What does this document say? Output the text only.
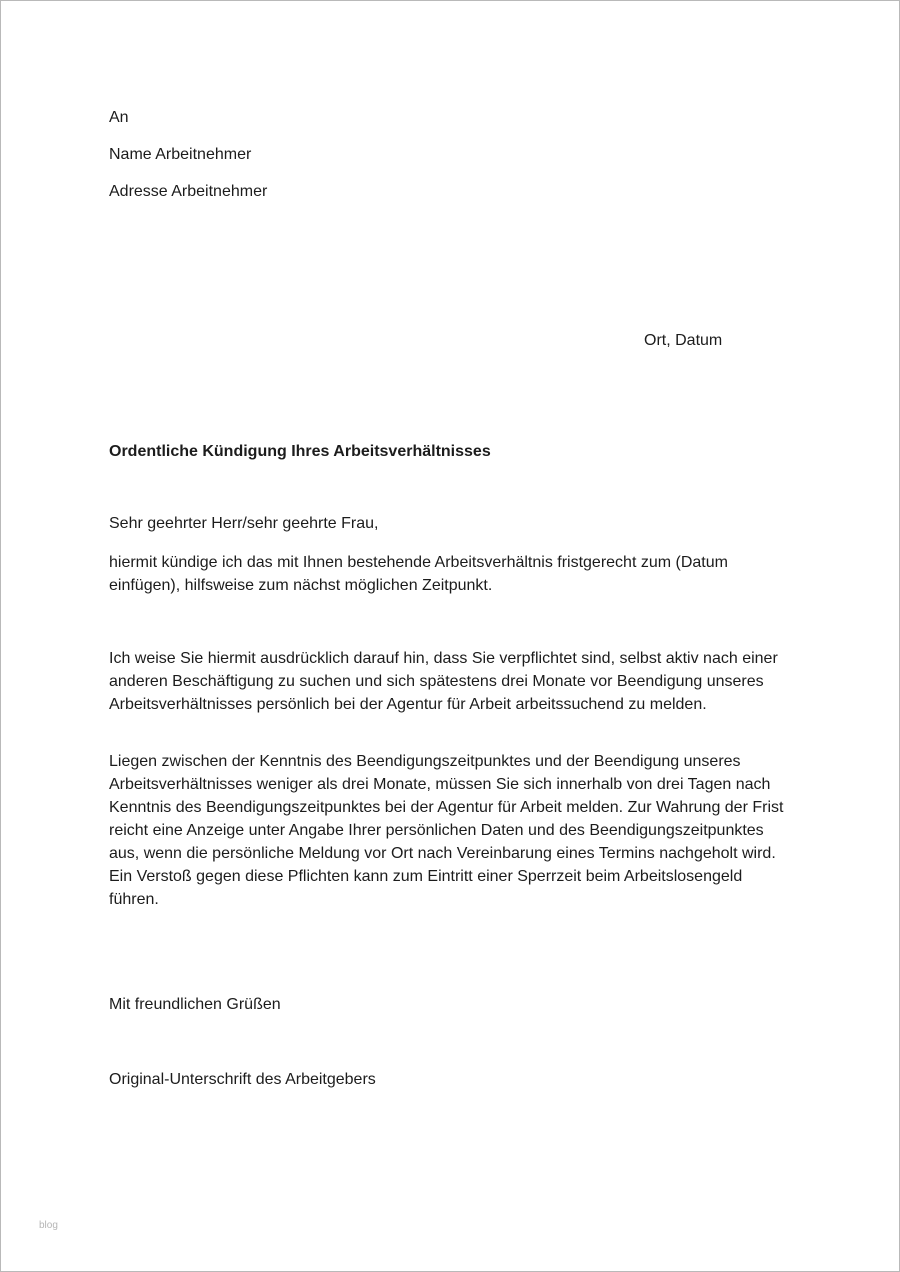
An
Name Arbeitnehmer
Adresse Arbeitnehmer
Ort, Datum
Ordentliche Kündigung Ihres Arbeitsverhältnisses
Sehr geehrter Herr/sehr geehrte Frau,
hiermit kündige ich das mit Ihnen bestehende Arbeitsverhältnis fristgerecht zum (Datum einfügen), hilfsweise zum nächst möglichen Zeitpunkt.
Ich weise Sie hiermit ausdrücklich darauf hin, dass Sie verpflichtet sind, selbst aktiv nach einer anderen Beschäftigung zu suchen und sich spätestens drei Monate vor Beendigung unseres Arbeitsverhältnisses persönlich bei der Agentur für Arbeit arbeitssuchend zu melden.
Liegen zwischen der Kenntnis des Beendigungszeitpunktes und der Beendigung unseres Arbeitsverhältnisses weniger als drei Monate, müssen Sie sich innerhalb von drei Tagen nach Kenntnis des Beendigungszeitpunktes bei der Agentur für Arbeit melden. Zur Wahrung der Frist reicht eine Anzeige unter Angabe Ihrer persönlichen Daten und des Beendigungszeitpunktes aus, wenn die persönliche Meldung vor Ort nach Vereinbarung eines Termins nachgeholt wird. Ein Verstoß gegen diese Pflichten kann zum Eintritt einer Sperrzeit beim Arbeitslosengeld führen.
Mit freundlichen Grüßen
Original-Unterschrift des Arbeitgebers
blog
